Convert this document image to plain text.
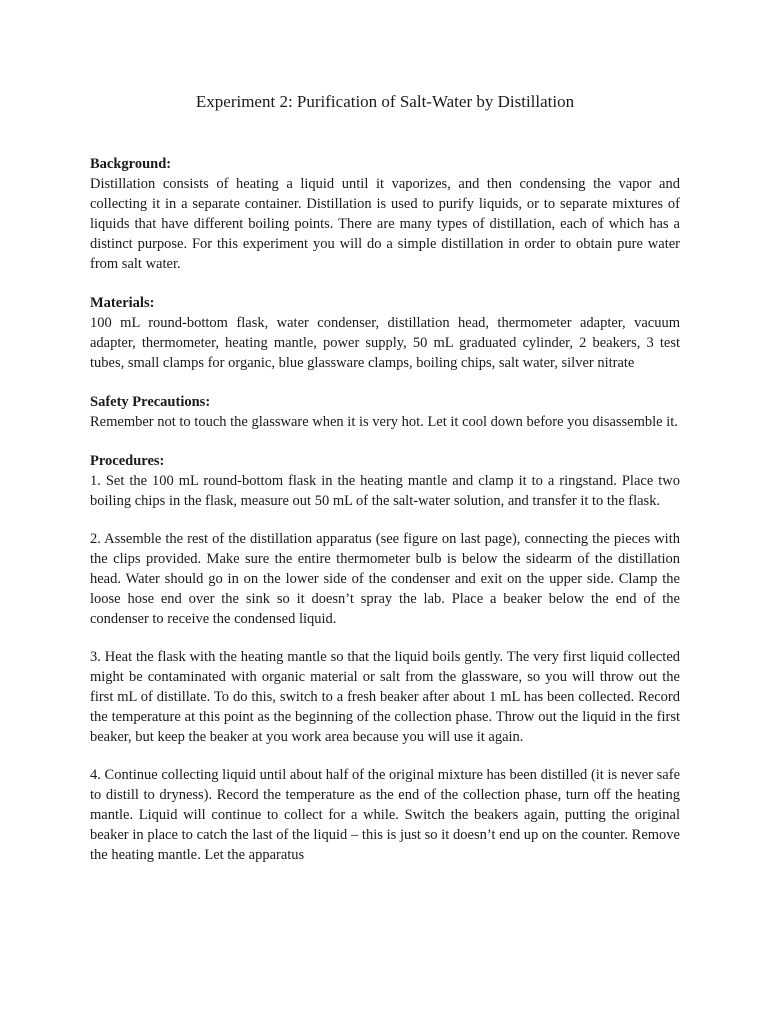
Experiment 2: Purification of Salt-Water by Distillation

Background:

Distillation consists of heating a liquid until it vaporizes, and then condensing the vapor and collecting it in a separate container. Distillation is used to purify liquids, or to separate mixtures of liquids that have different boiling points. There are many types of distillation, each of which has a distinct purpose. For this experiment you will do a simple distillation in order to obtain pure water from salt water.

Materials:

100 mL round-bottom flask, water condenser, distillation head, thermometer adapter, vacuum adapter, thermometer, heating mantle, power supply, 50 mL graduated cylinder, 2 beakers, 3 test tubes, small clamps for organic, blue glassware clamps, boiling chips, salt water, silver nitrate

Safety Precautions:

Remember not to touch the glassware when it is very hot. Let it cool down before you disassemble it.

Procedures:

1. Set the 100 mL round-bottom flask in the heating mantle and clamp it to a ringstand. Place two boiling chips in the flask, measure out 50 mL of the salt-water solution, and transfer it to the flask.

2. Assemble the rest of the distillation apparatus (see figure on last page), connecting the pieces with the clips provided. Make sure the entire thermometer bulb is below the sidearm of the distillation head. Water should go in on the lower side of the condenser and exit on the upper side. Clamp the loose hose end over the sink so it doesn’t spray the lab. Place a beaker below the end of the condenser to receive the condensed liquid.

3. Heat the flask with the heating mantle so that the liquid boils gently. The very first liquid collected might be contaminated with organic material or salt from the glassware, so you will throw out the first mL of distillate. To do this, switch to a fresh beaker after about 1 mL has been collected. Record the temperature at this point as the beginning of the collection phase. Throw out the liquid in the first beaker, but keep the beaker at you work area because you will use it again.

4. Continue collecting liquid until about half of the original mixture has been distilled (it is never safe to distill to dryness). Record the temperature as the end of the collection phase, turn off the heating mantle. Liquid will continue to collect for a while. Switch the beakers again, putting the original beaker in place to catch the last of the liquid – this is just so it doesn’t end up on the counter. Remove the heating mantle. Let the apparatus
